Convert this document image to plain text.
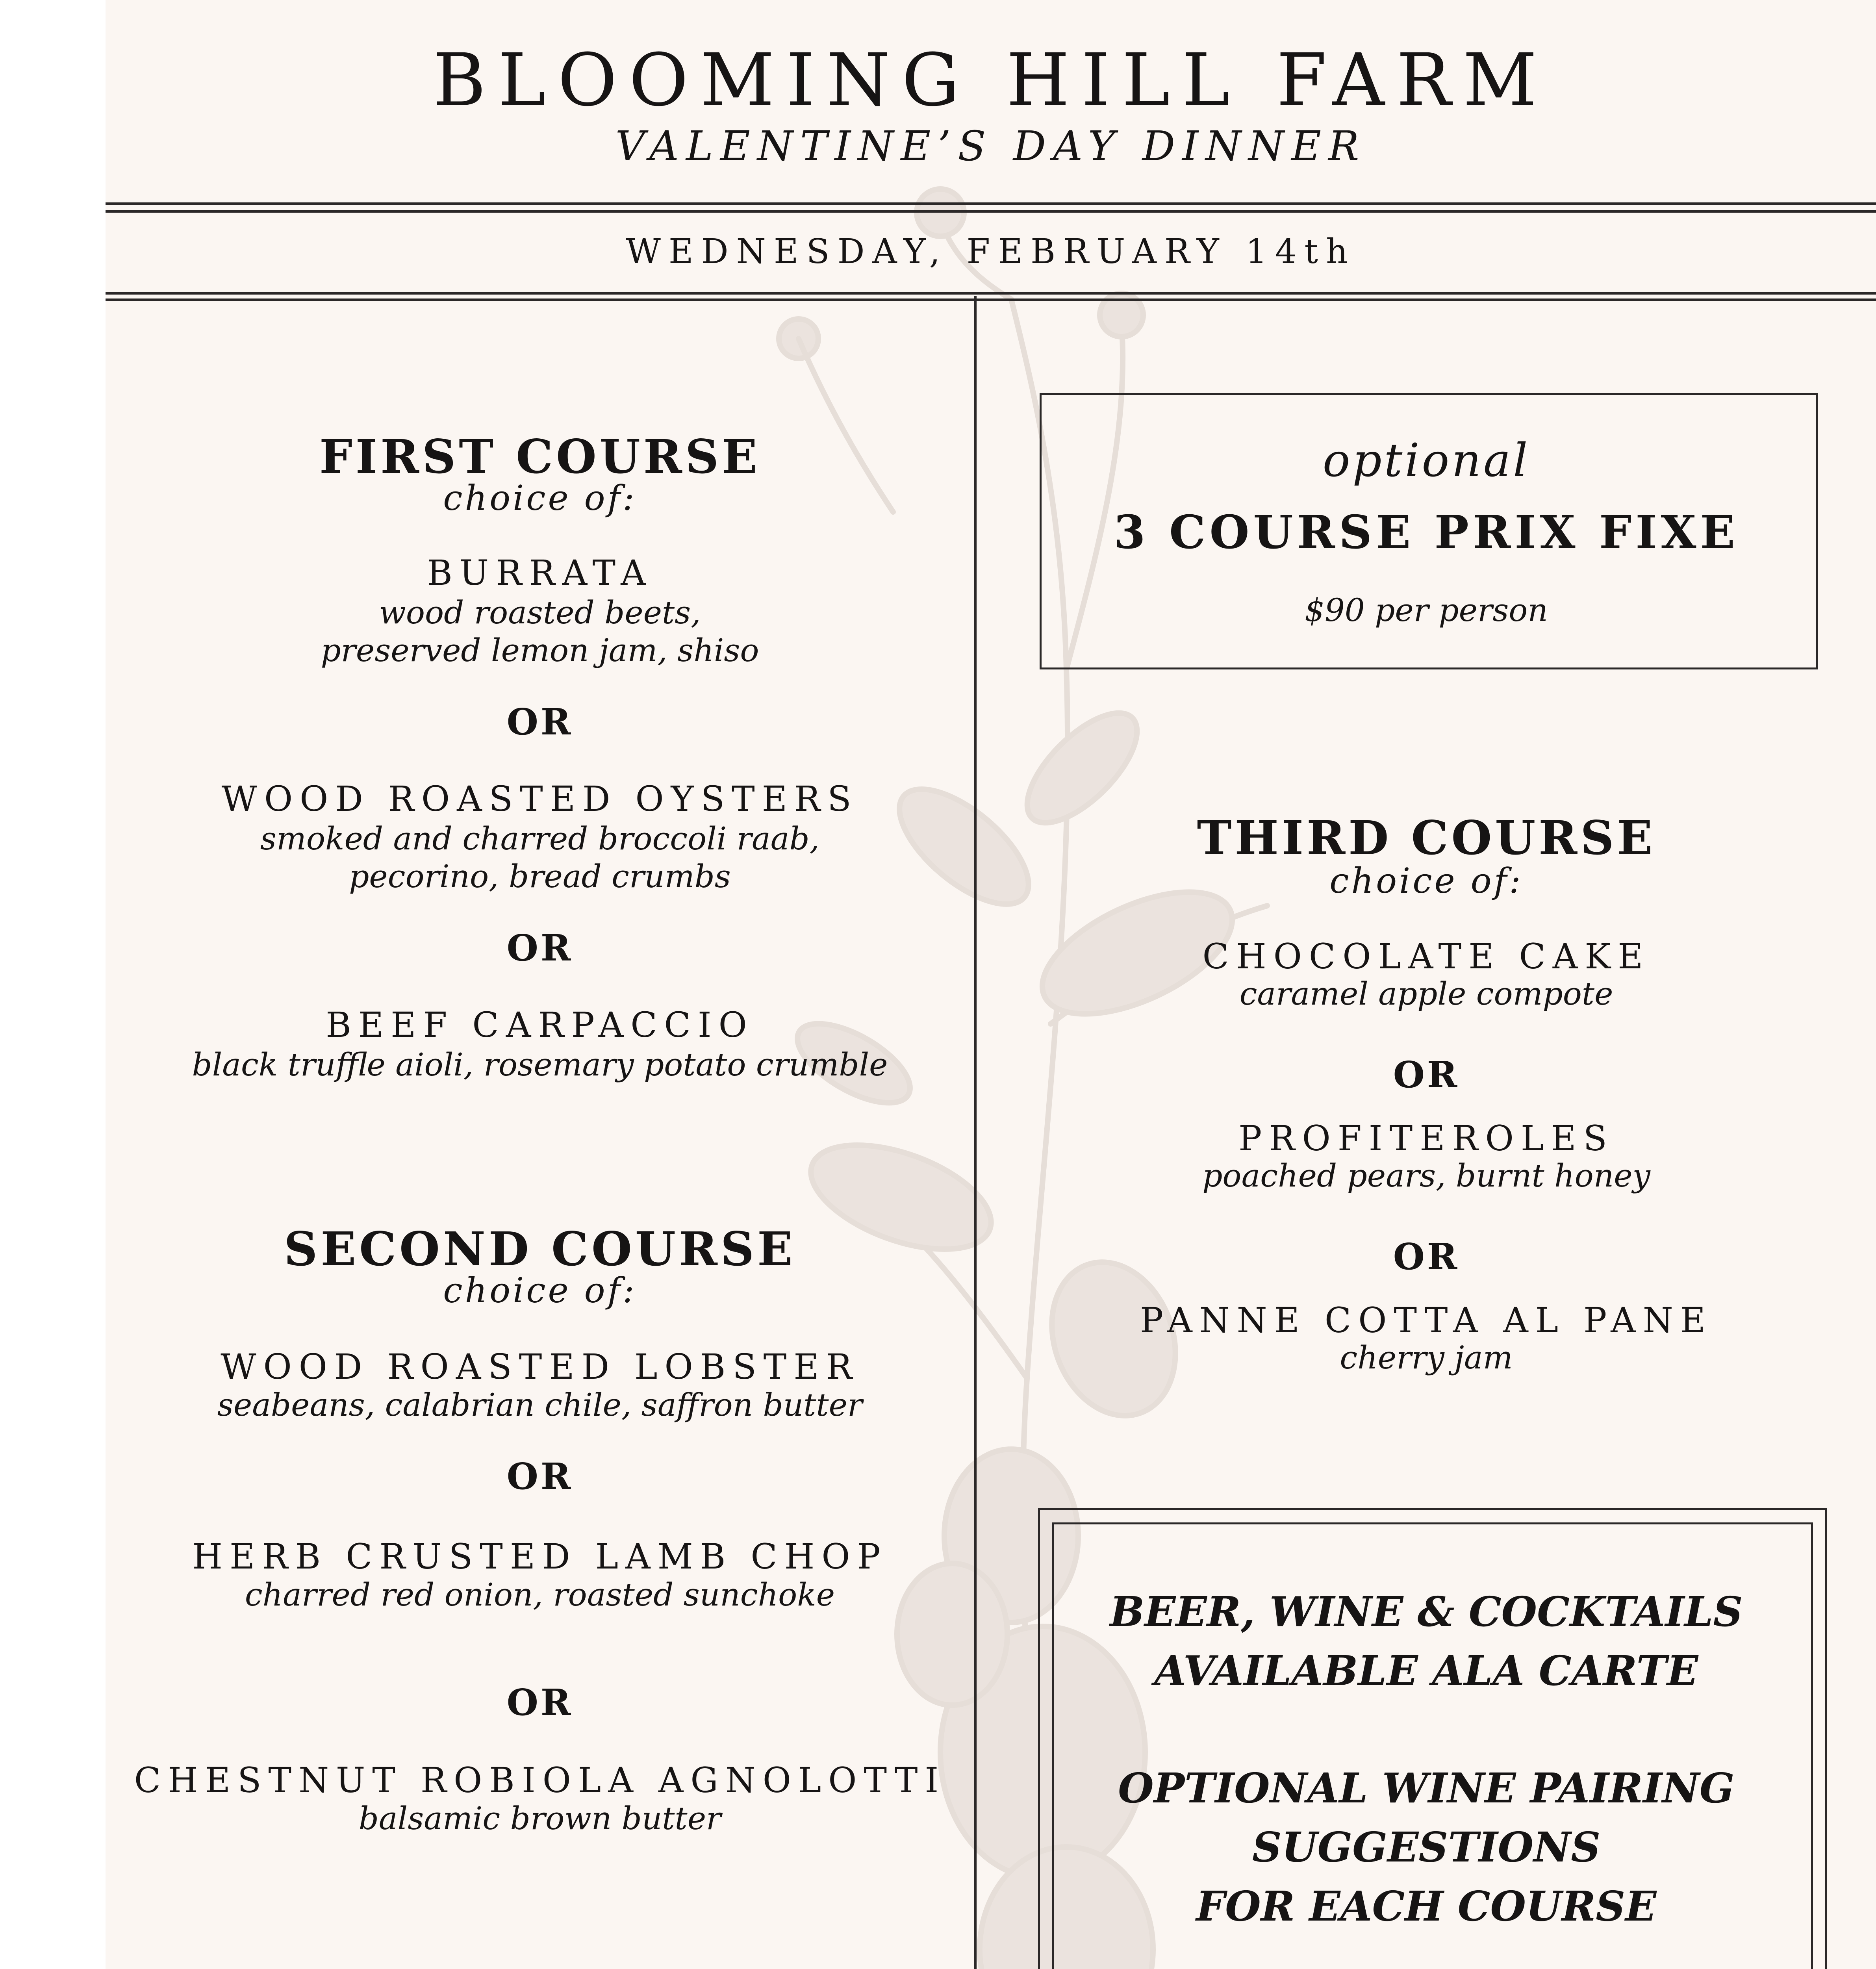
BLOOMING HILL FARM
VALENTINE’S DAY DINNER
WEDNESDAY, FEBRUARY 14th
FIRST COURSE
choice of:
BURRATA
wood roasted beets,
preserved lemon jam, shiso
OR
WOOD ROASTED OYSTERS
smoked and charred broccoli raab,
pecorino, bread crumbs
OR
BEEF CARPACCIO
black truffle aioli, rosemary potato crumble
SECOND COURSE
choice of:
WOOD ROASTED LOBSTER
seabeans, calabrian chile, saffron butter
OR
HERB CRUSTED LAMB CHOP
charred red onion, roasted sunchoke
OR
CHESTNUT ROBIOLA AGNOLOTTI
balsamic brown butter
optional
3 COURSE PRIX FIXE
$90 per person
THIRD COURSE
choice of:
CHOCOLATE CAKE
caramel apple compote
OR
PROFITEROLES
poached pears, burnt honey
OR
PANNE COTTA AL PANE
cherry jam
BEER, WINE & COCKTAILS
AVAILABLE ALA CARTE
OPTIONAL WINE PAIRING
SUGGESTIONS
FOR EACH COURSE
